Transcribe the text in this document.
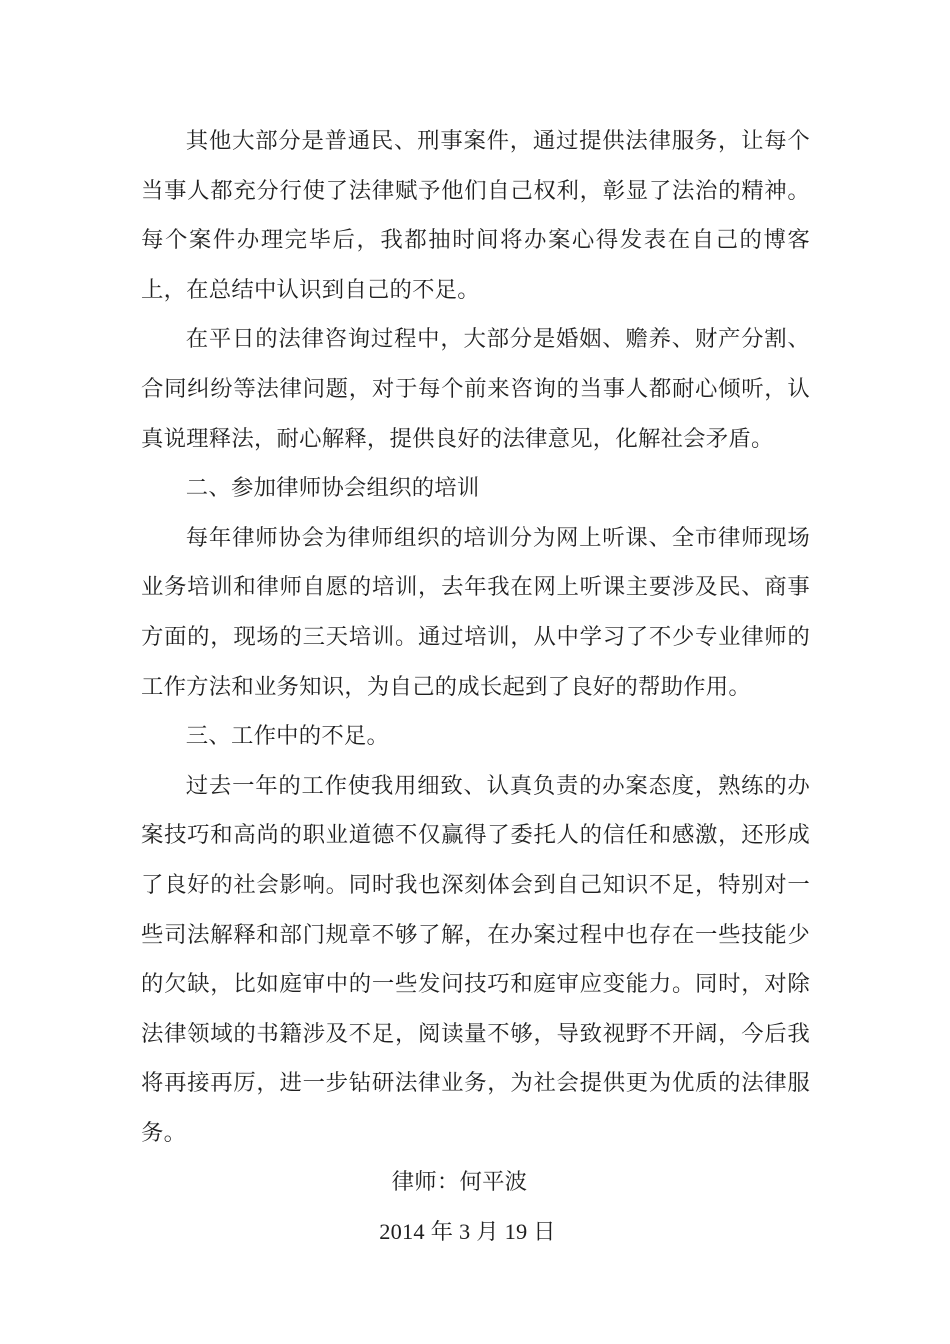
其他大部分是普通民、刑事案件，通过提供法律服务，让每个当事人都充分行使了法律赋予他们自己权利，彰显了法治的精神。每个案件办理完毕后，我都抽时间将办案心得发表在自己的博客上，在总结中认识到自己的不足。

在平日的法律咨询过程中，大部分是婚姻、赡养、财产分割、合同纠纷等法律问题，对于每个前来咨询的当事人都耐心倾听，认真说理释法，耐心解释，提供良好的法律意见，化解社会矛盾。

二、参加律师协会组织的培训

每年律师协会为律师组织的培训分为网上听课、全市律师现场业务培训和律师自愿的培训，去年我在网上听课主要涉及民、商事方面的，现场的三天培训。通过培训，从中学习了不少专业律师的工作方法和业务知识，为自己的成长起到了良好的帮助作用。

三、工作中的不足。

过去一年的工作使我用细致、认真负责的办案态度，熟练的办案技巧和高尚的职业道德不仅赢得了委托人的信任和感激，还形成了良好的社会影响。同时我也深刻体会到自己知识不足，特别对一些司法解释和部门规章不够了解，在办案过程中也存在一些技能少的欠缺，比如庭审中的一些发问技巧和庭审应变能力。同时，对除法律领域的书籍涉及不足，阅读量不够，导致视野不开阔，今后我将再接再厉，进一步钻研法律业务，为社会提供更为优质的法律服务。

律师：何平波

2014 年 3 月 19 日
